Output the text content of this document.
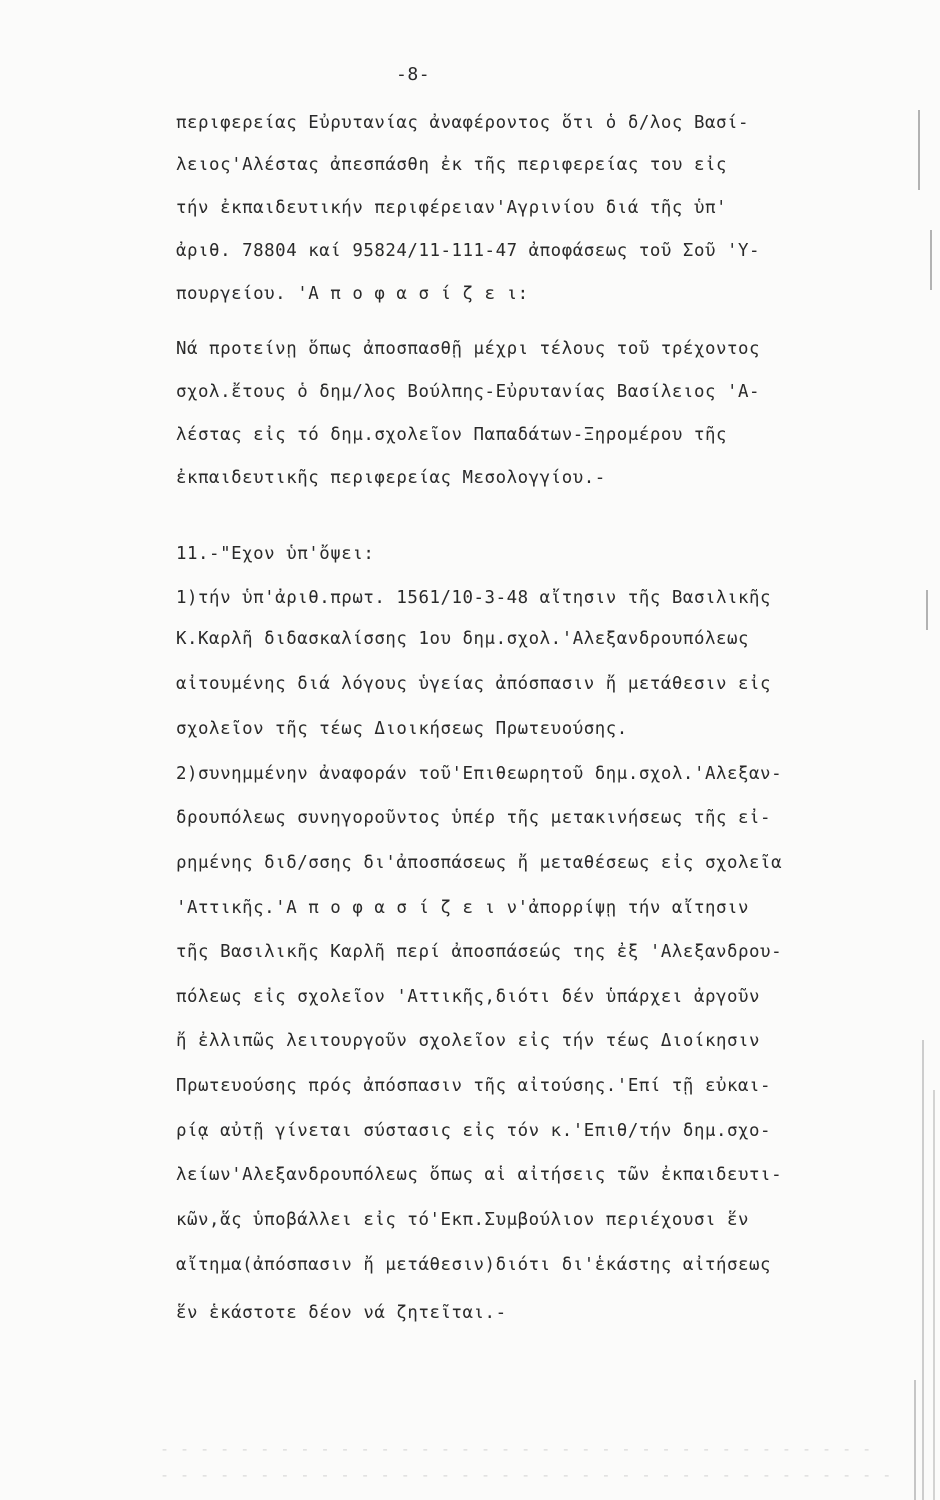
-8-
περιφερείας Εὐρυτανίας ἀναφέροντος ὅτι ὁ δ/λος Βασί-
λειος'Αλέστας ἀπεσπάσθη ἐκ τῆς περιφερείας του εἰς
τήν ἐκπαιδευτικήν περιφέρειαν'Αγρινίου διά τῆς ὑπ'
ἀριθ. 78804 καί 95824/11-111-47 ἀποφάσεως τοῦ Σοῦ 'Υ-
πουργείου. 'Α π ο φ α σ ί ζ ε ι:
Νά προτείνῃ ὅπως ἀποσπασθῇ μέχρι τέλους τοῦ τρέχοντος
σχολ.ἔτους ὁ δημ/λος Βούλπης-Εὐρυτανίας Βασίλειος 'Α-
λέστας εἰς τό δημ.σχολεῖον Παπαδάτων-Ξηρομέρου τῆς
ἐκπαιδευτικῆς περιφερείας Μεσολογγίου.-
11.-"Εχον ὑπ'ὄψει:
1)τήν ὑπ'ἀριθ.πρωτ. 1561/10-3-48 αἴτησιν τῆς Βασιλικῆς
Κ.Καρλῆ διδασκαλίσσης 1ου δημ.σχολ.'Αλεξανδρουπόλεως
αἰτουμένης διά λόγους ὑγείας ἀπόσπασιν ἤ μετάθεσιν εἰς
σχολεῖον τῆς τέως Διοικήσεως Πρωτευούσης.
2)συνημμένην ἀναφοράν τοῦ'Επιθεωρητοῦ δημ.σχολ.'Αλεξαν-
δρουπόλεως συνηγοροῦντος ὑπέρ τῆς μετακινήσεως τῆς εἰ-
ρημένης διδ/σσης δι'ἀποσπάσεως ἤ μεταθέσεως εἰς σχολεῖα
'Αττικῆς.'Α π ο φ α σ ί ζ ε ι ν'ἀπορρίψῃ τήν αἴτησιν
τῆς Βασιλικῆς Καρλῆ περί ἀποσπάσεώς της ἐξ 'Αλεξανδρου-
πόλεως εἰς σχολεῖον 'Αττικῆς,διότι δέν ὑπάρχει ἀργοῦν
ἤ ἐλλιπῶς λειτουργοῦν σχολεῖον εἰς τήν τέως Διοίκησιν
Πρωτευούσης πρός ἀπόσπασιν τῆς αἰτούσης.'Επί τῇ εὐκαι-
ρίᾳ αὐτῇ γίνεται σύστασις εἰς τόν κ.'Επιθ/τήν δημ.σχο-
λείων'Αλεξανδρουπόλεως ὅπως αἱ αἰτήσεις τῶν ἐκπαιδευτι-
κῶν,ἅς ὑποβάλλει εἰς τό'Εκπ.Συμβούλιον περιέχουσι ἕν
αἴτημα(ἀπόσπασιν ἤ μετάθεσιν)διότι δι'ἑκάστης αἰτήσεως
ἕν ἑκάστοτε δέον νά ζητεῖται.-
- - - - - - - - - - - - - - - - - - - - - - - - - - - - - - - - - - - -
- - - - - - - - - - - - - - - - - - - - - - - - - - - - - - - - - - - - -
